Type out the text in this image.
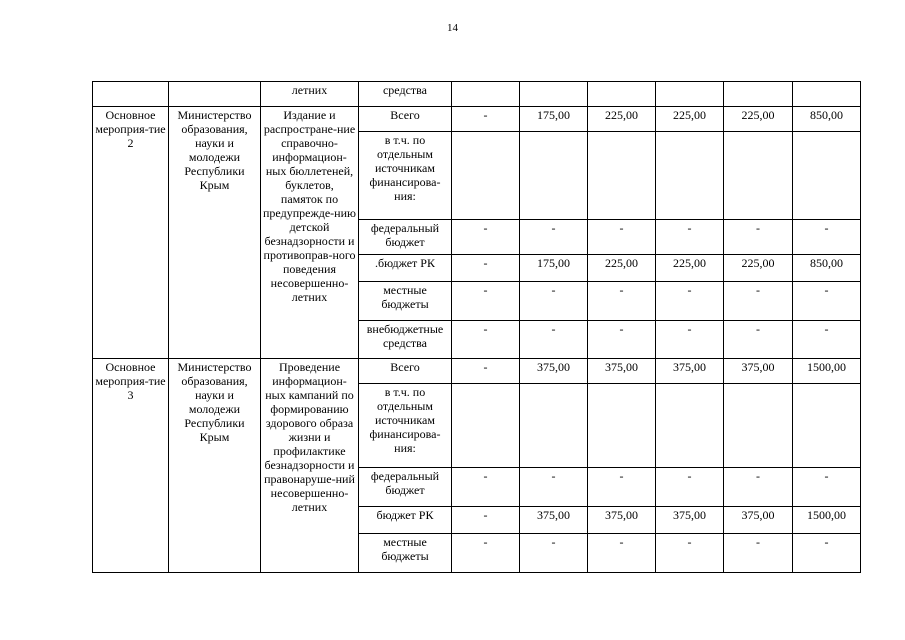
14
		летних	средства						
Основное мероприя-тие 2	Министерство образования, науки и молодежи Республики Крым	Издание и распростране-ние справочно-информацион-ных бюллетеней, буклетов, памяток по предупрежде-нию детской безнадзорности и противоправ-ного поведения несовершенно-летних	Всего	-	175,00	225,00	225,00	225,00	850,00
			в т.ч. по отдельным источникам финансирова-ния:						
			федеральный бюджет	-	-	-	-	-	-
			.бюджет РК	-	175,00	225,00	225,00	225,00	850,00
			местные бюджеты	-	-	-	-	-	-
			внебюджетные средства	-	-	-	-	-	-
Основное мероприя-тие 3	Министерство образования, науки и молодежи Республики Крым	Проведение информацион-ных кампаний по формированию здорового образа жизни и профилактике безнадзорности и правонаруше-ний несовершенно-летних	Всего	-	375,00	375,00	375,00	375,00	1500,00
			в т.ч. по отдельным источникам финансирова-ния:						
			федеральный бюджет	-	-	-	-	-	-
			бюджет РК	-	375,00	375,00	375,00	375,00	1500,00
			местные бюджеты	-	-	-	-	-	-
